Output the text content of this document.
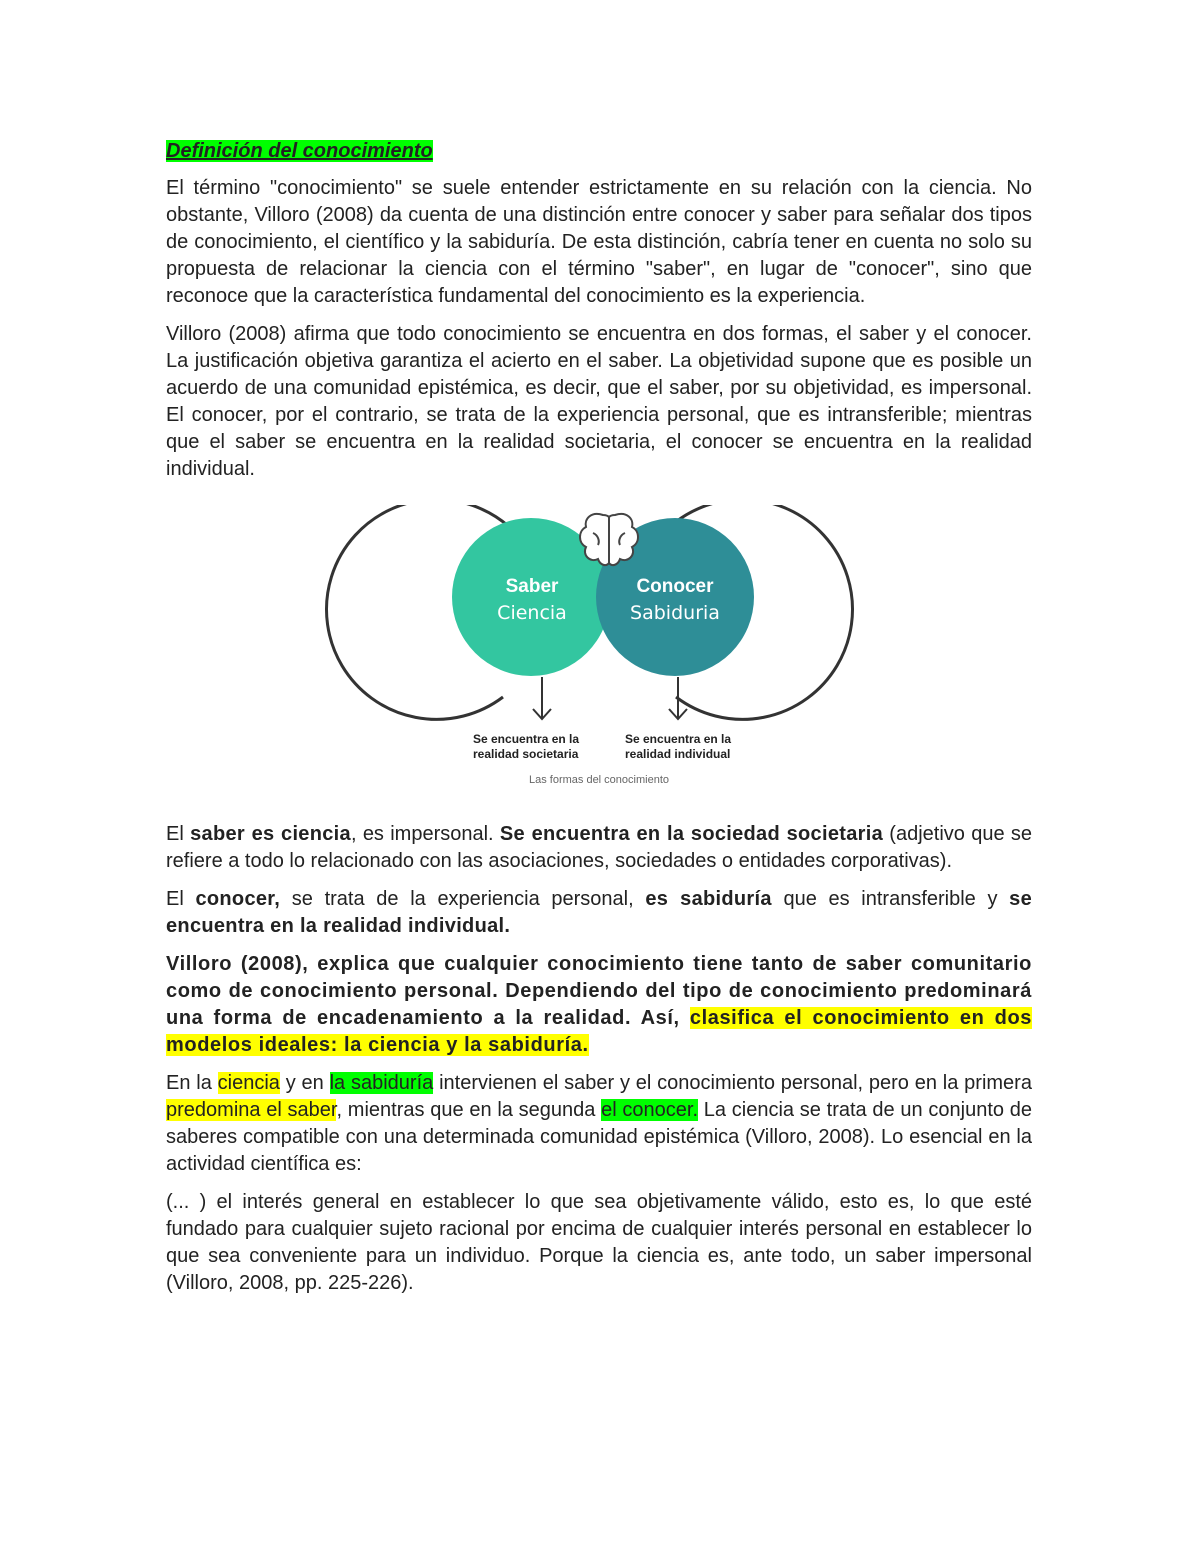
Definición del conocimiento

El término "conocimiento" se suele entender estrictamente en su relación con la ciencia. No obstante, Villoro (2008) da cuenta de una distinción entre conocer y saber para señalar dos tipos de conocimiento, el científico y la sabiduría. De esta distinción, cabría tener en cuenta no solo su propuesta de relacionar la ciencia con el término "saber", en lugar de "conocer", sino que reconoce que la característica fundamental del conocimiento es la experiencia.

Villoro (2008) afirma que todo conocimiento se encuentra en dos formas, el saber y el conocer. La justificación objetiva garantiza el acierto en el saber. La objetividad supone que es posible un acuerdo de una comunidad epistémica, es decir, que el saber, por su objetividad, es impersonal. El conocer, por el contrario, se trata de la experiencia personal, que es intransferible; mientras que el saber se encuentra en la realidad societaria, el conocer se encuentra en la realidad individual.

Saber
Ciencia
Conocer
Sabiduria
Se encuentra en la
realidad societaria
Se encuentra en la
realidad individual
Las formas del conocimiento

El saber es ciencia, es impersonal. Se encuentra en la sociedad societaria (adjetivo que se refiere a todo lo relacionado con las asociaciones, sociedades o entidades corporativas).

El conocer, se trata de la experiencia personal, es sabiduría que es intransferible y se encuentra en la realidad individual.

Villoro (2008), explica que cualquier conocimiento tiene tanto de saber comunitario como de conocimiento personal. Dependiendo del tipo de conocimiento predominará una forma de encadenamiento a la realidad. Así, clasifica el conocimiento en dos modelos ideales: la ciencia y la sabiduría.

En la ciencia y en la sabiduría intervienen el saber y el conocimiento personal, pero en la primera predomina el saber, mientras que en la segunda el conocer. La ciencia se trata de un conjunto de saberes compatible con una determinada comunidad epistémica (Villoro, 2008). Lo esencial en la actividad científica es:

(... ) el interés general en establecer lo que sea objetivamente válido, esto es, lo que esté fundado para cualquier sujeto racional por encima de cualquier interés personal en establecer lo que sea conveniente para un individuo. Porque la ciencia es, ante todo, un saber impersonal (Villoro, 2008, pp. 225-226).
